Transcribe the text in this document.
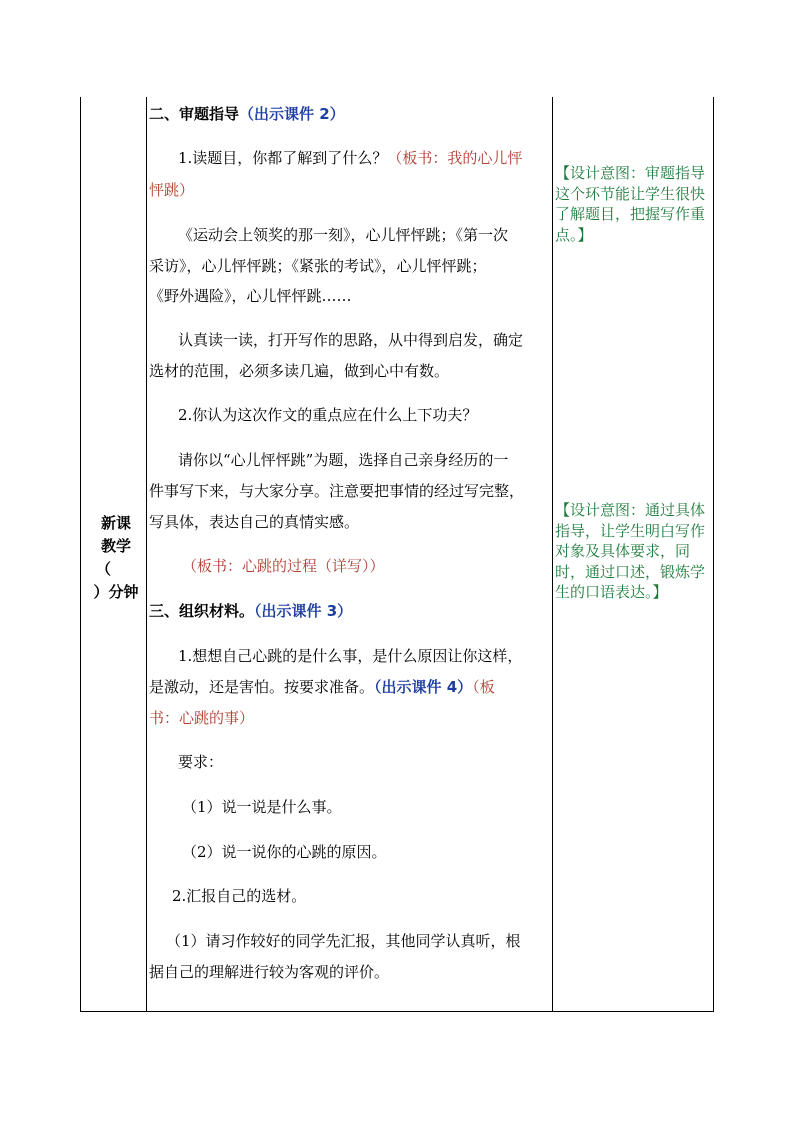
新课
教学
（
）分钟
二、审题指导（出示课件 2）
1.读题目，你都了解到了什么？（板书：我的心儿怦
怦跳）
《运动会上领奖的那一刻》，心儿怦怦跳；《第一次
采访》，心儿怦怦跳；《紧张的考试》，心儿怦怦跳；
《野外遇险》，心儿怦怦跳……
认真读一读，打开写作的思路，从中得到启发，确定
选材的范围，必须多读几遍，做到心中有数。
2.你认为这次作文的重点应在什么上下功夫？
请你以“心儿怦怦跳”为题，选择自己亲身经历的一
件事写下来，与大家分享。注意要把事情的经过写完整，
写具体，表达自己的真情实感。
（板书：心跳的过程（详写））
三、组织材料。（出示课件 3）
1.想想自己心跳的是什么事，是什么原因让你这样，
是激动，还是害怕。按要求准备。（出示课件 4）（板
书：心跳的事）
要求：
（1）说一说是什么事。
（2）说一说你的心跳的原因。
2.汇报自己的选材。
（1）请习作较好的同学先汇报，其他同学认真听，根
据自己的理解进行较为客观的评价。
【设计意图：审题指导这个环节能让学生很快了解题目，把握写作重点。】
【设计意图：通过具体指导，让学生明白写作对象及具体要求，同时，通过口述，锻炼学生的口语表达。】
